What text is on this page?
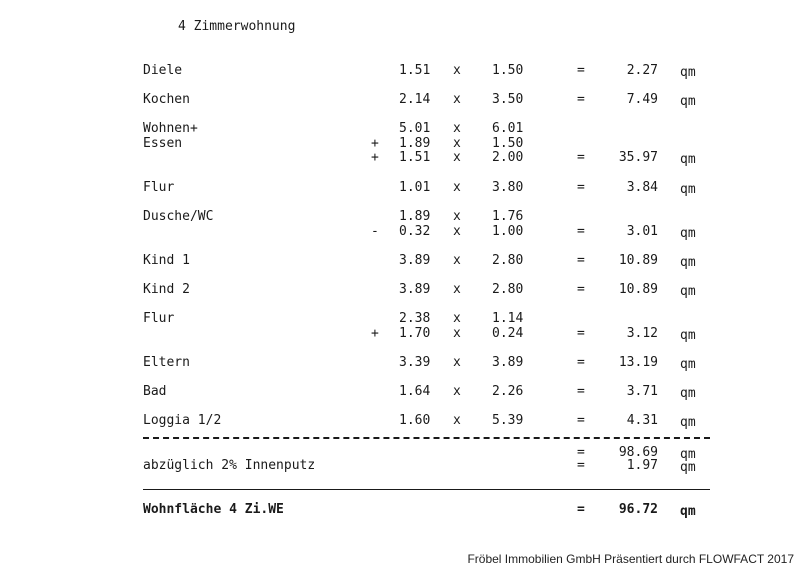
4 Zimmerwohnung
Diele	1.51 x 1.50	=	2.27 qm
Kochen	2.14 x 3.50	=	7.49 qm
Wohnen+	5.01 x 6.01
Essen	+ 1.89 x 1.50
+ 1.51 x 2.00	=	35.97 qm
Flur	1.01 x 3.80	=	3.84 qm
Dusche/WC	1.89 x 1.76
- 0.32 x 1.00	=	3.01 qm
Kind 1	3.89 x 2.80	=	10.89 qm
Kind 2	3.89 x 2.80	=	10.89 qm
Flur	2.38 x 1.14
+ 1.70 x 0.24	=	3.12 qm
Eltern	3.39 x 3.89	=	13.19 qm
Bad	1.64 x 2.26	=	3.71 qm
Loggia 1/2	1.60 x 5.39	=	4.31 qm
=	98.69 qm
abzüglich 2% Innenputz	=	1.97 qm
Wohnfläche 4 Zi.WE	=	96.72 qm
Fröbel Immobilien GmbH Präsentiert durch FLOWFACT 2017
